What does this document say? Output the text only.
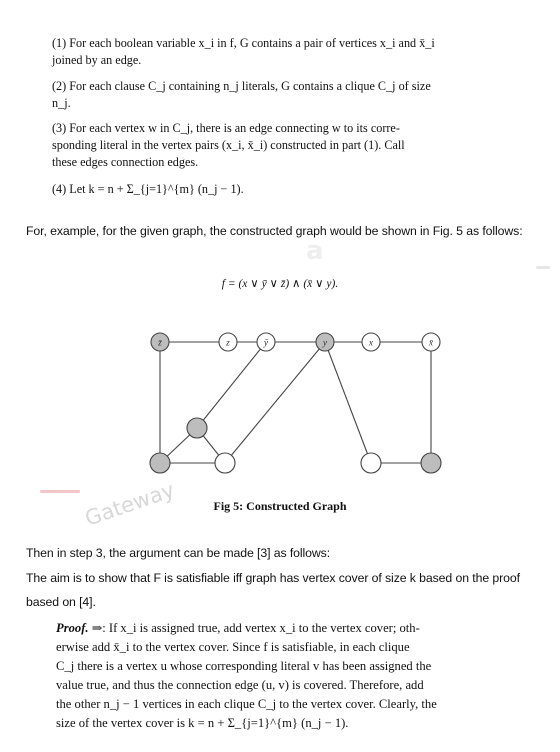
(1) For each boolean variable x_i in f, G contains a pair of vertices x_i and x̄_i
joined by an edge.
(2) For each clause C_j containing n_j literals, G contains a clique C_j of size
n_j.
(3) For each vertex w in C_j, there is an edge connecting w to its corre-
sponding literal in the vertex pairs (x_i, x̄_i) constructed in part (1). Call
these edges connection edges.
(4) Let k = n + Σ_{j=1}^{m} (n_j − 1).
For, example, for the given graph, the constructed graph would be shown in Fig. 5 as follows:
a
f = (x ∨ ȳ ∨ z̄) ∧ (x̄ ∨ y).
z̄	z	ȳ	y	x	x̄
Fig 5: Constructed Graph
Gateway
Then in step 3, the argument can be made [3] as follows:
The aim is to show that F is satisfiable iff graph has vertex cover of size k based on the proof
based on [4].
Proof. ⇒: If x_i is assigned true, add vertex x_i to the vertex cover; oth-
erwise add x̄_i to the vertex cover. Since f is satisfiable, in each clique
C_j there is a vertex u whose corresponding literal v has been assigned the
value true, and thus the connection edge (u, v) is covered. Therefore, add
the other n_j − 1 vertices in each clique C_j to the vertex cover. Clearly, the
size of the vertex cover is k = n + Σ_{j=1}^{m} (n_j − 1).
